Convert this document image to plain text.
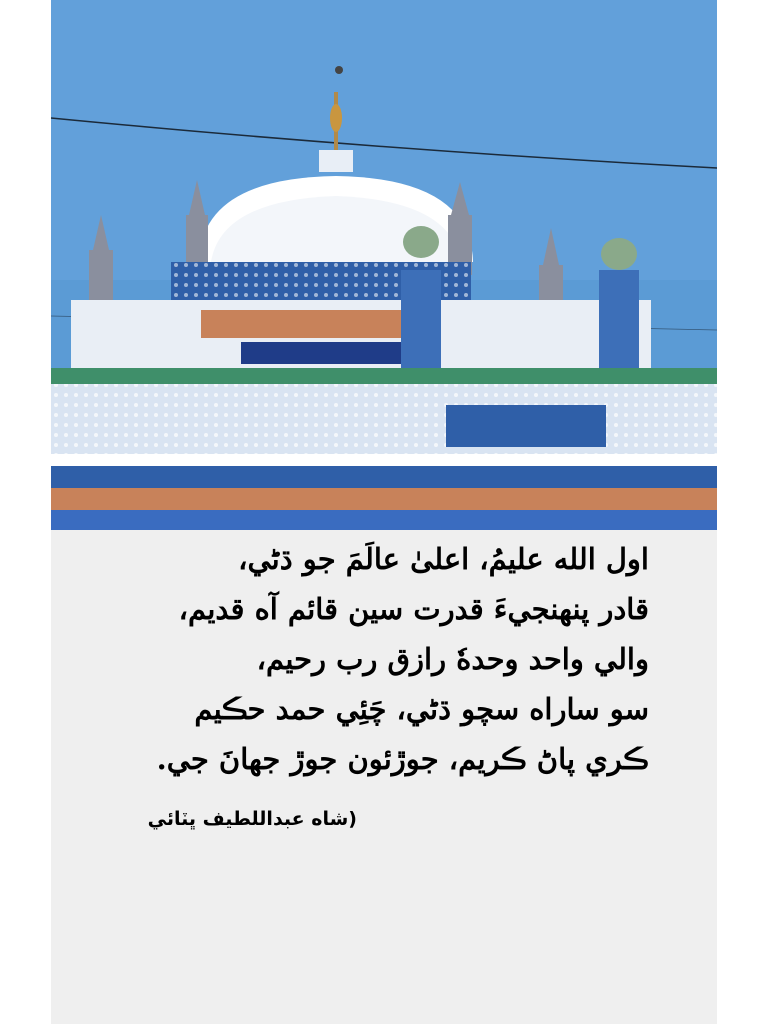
اول الله عليمُ، اعلىٰ عالَمَ جو ڌڻي،
قادر پنهنجيءَ قدرت سين قائم آه قديم،
والي واحد وحدهٗ رازق رب رحيم،
سو ساراه سچو ڌڻي، چَئِي حمد حڪيم
ڪري پاڻ ڪريم، جوڙئون جوڙ جهانَ جي.
(شاه عبداللطيف ڀٽائي
